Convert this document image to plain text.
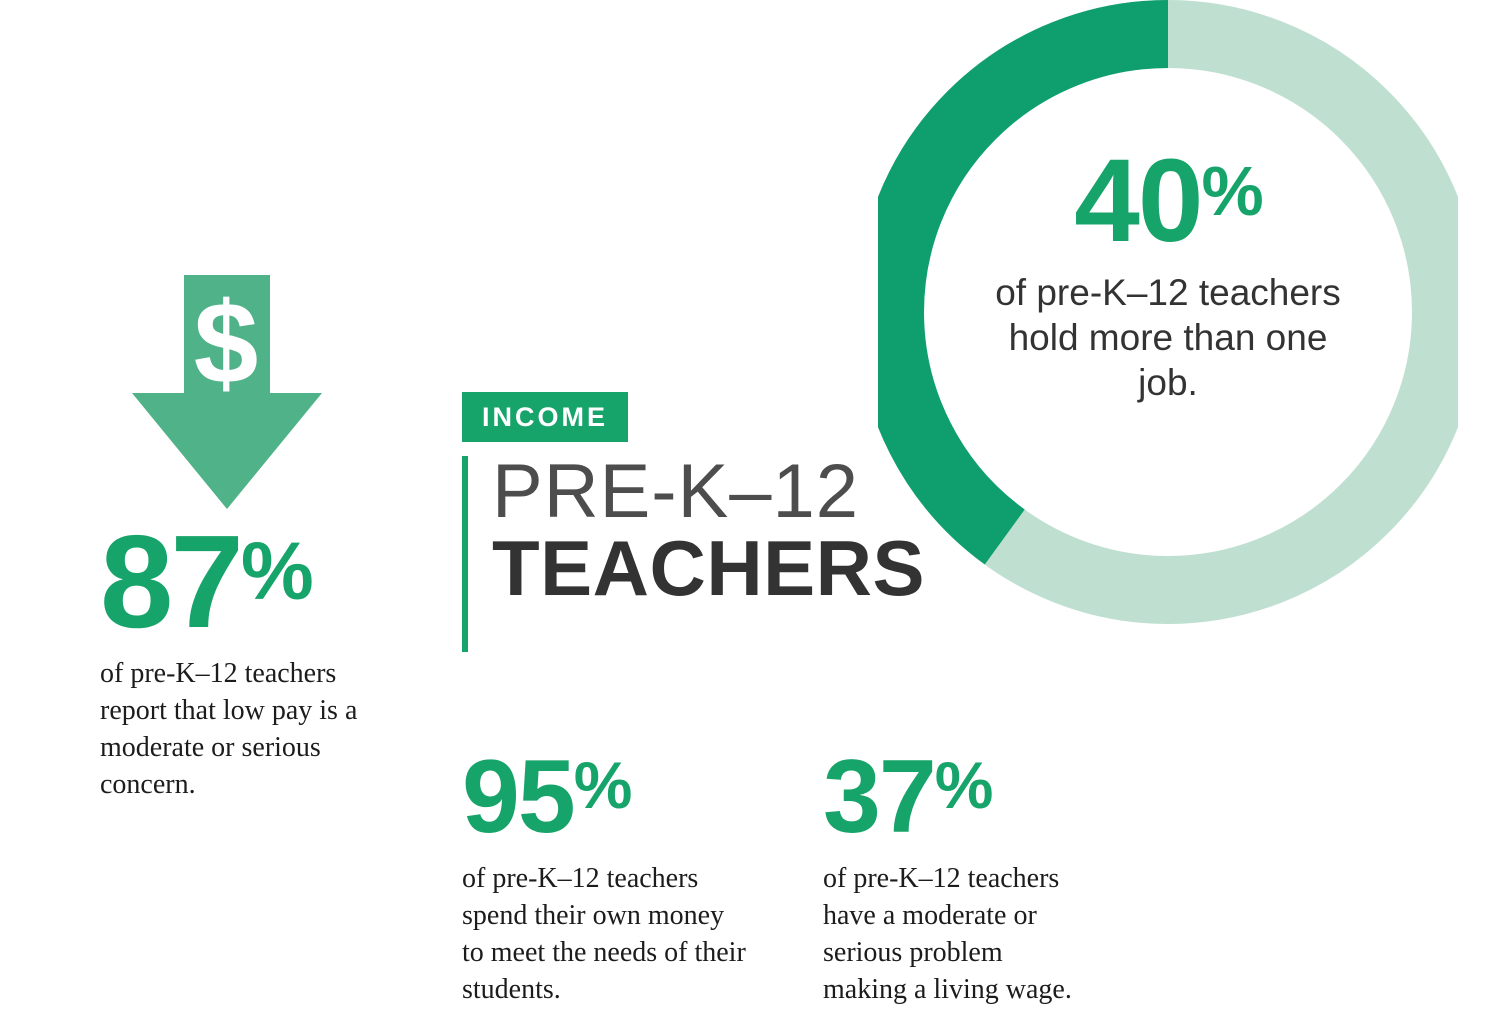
40%
of pre-K–12 teachers hold more than one job.
$
87%
of pre-K–12 teachers report that low pay is a moderate or serious concern.
INCOME
PRE-K–12
TEACHERS
95%
of pre-K–12 teachers spend their own money to meet the needs of their students.
37%
of pre-K–12 teachers have a moderate or serious problem making a living wage.
